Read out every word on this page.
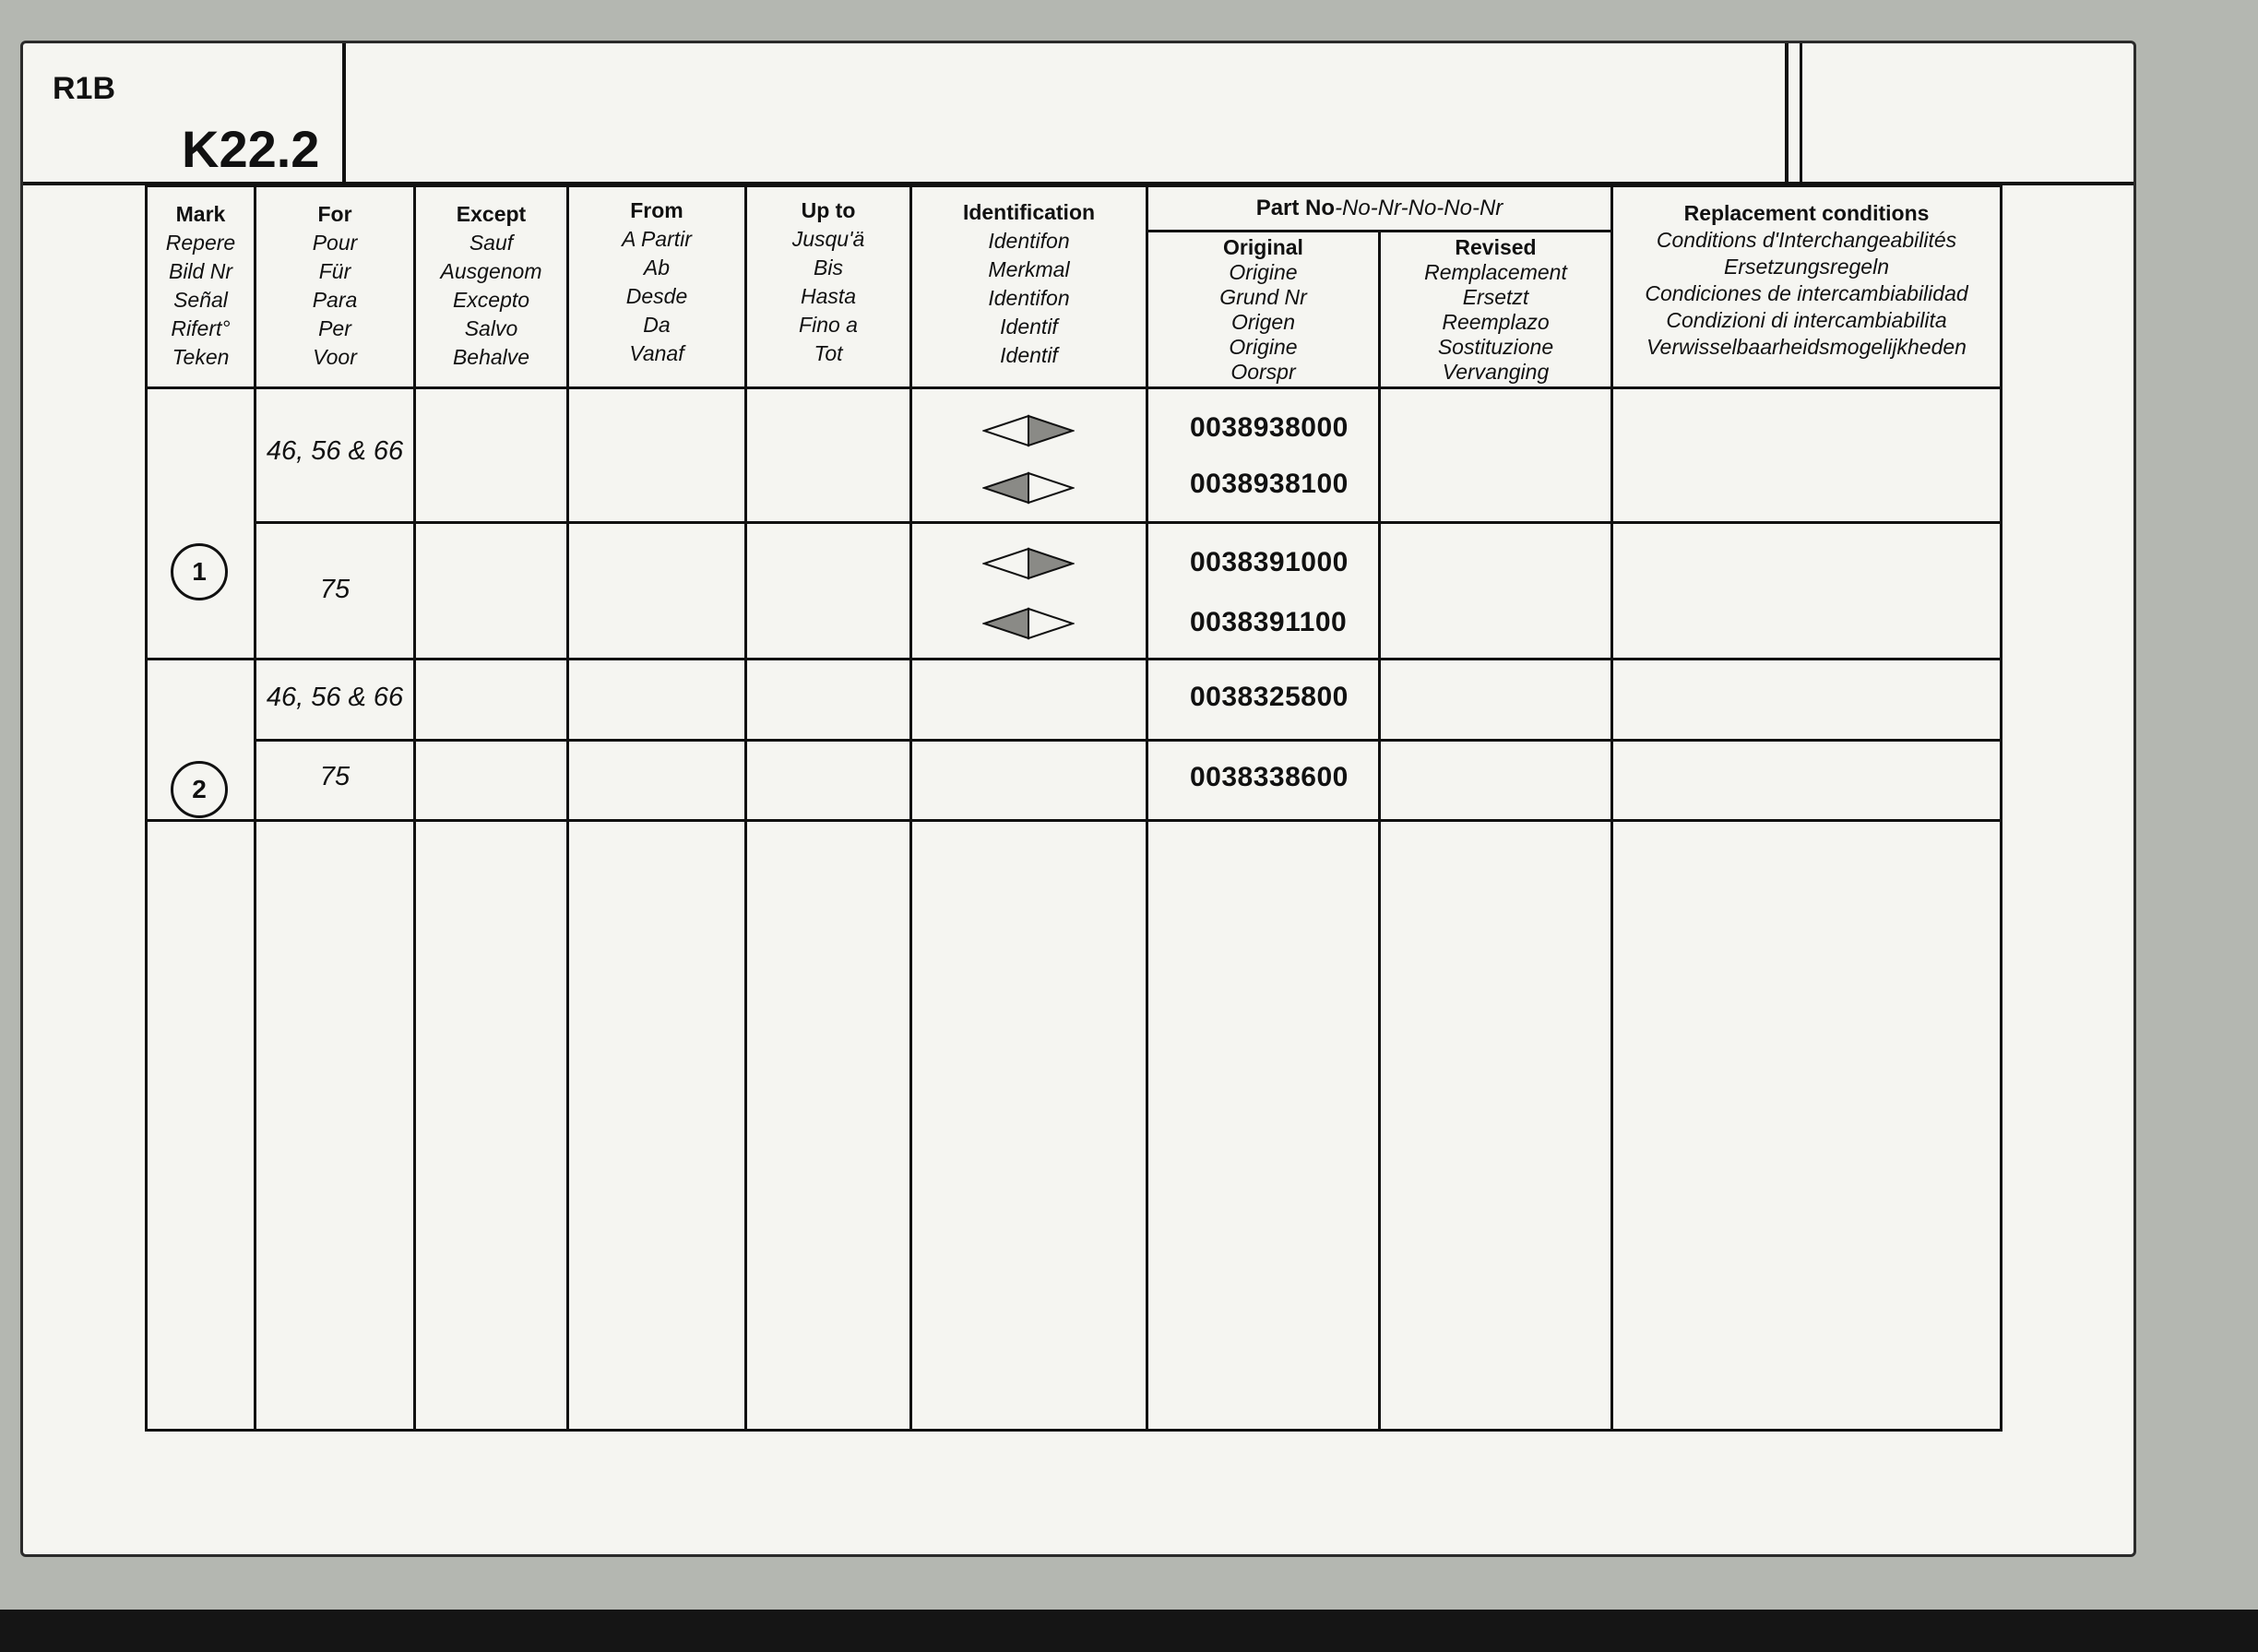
R1B
K22.2
Mark
Repere
Bild Nr
Señal
Rifert°
Teken
For
Pour
Für
Para
Per
Voor
Except
Sauf
Ausgenom
Excepto
Salvo
Behalve
From
A Partir
Ab
Desde
Da
Vanaf
Up to
Jusqu'ä
Bis
Hasta
Fino a
Tot
Identification
Identifon
Merkmal
Identifon
Identif
Identif
Part No-No-Nr-No-No-Nr
Original
Origine
Grund Nr
Origen
Origine
Oorspr
Revised
Remplacement
Ersetzt
Reemplazo
Sostituzione
Vervanging
Replacement conditions
Conditions d'Interchangeabilités
Ersetzungsregeln
Condiciones de intercambiabilidad
Condizioni di intercambiabilita
Verwisselbaarheidsmogelijkheden
1
46, 56 & 66
75
0038938000
0038938100
0038391000
0038391100
2
46, 56 & 66
75
0038325800
0038338600
